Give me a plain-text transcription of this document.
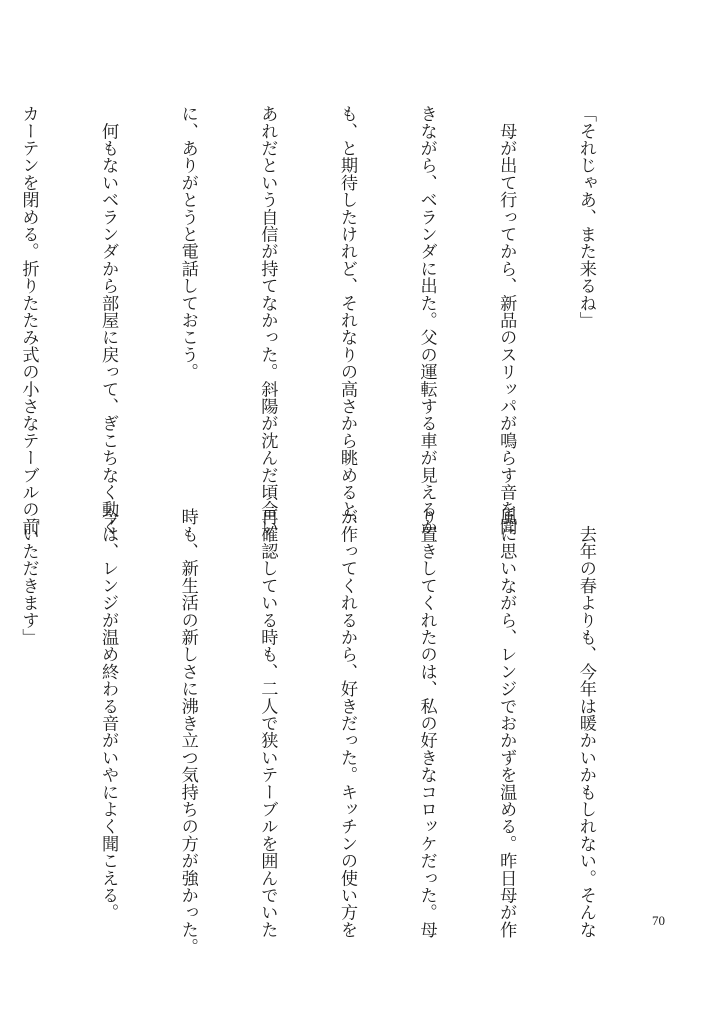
「それじゃあ、また来るね」

　母が出て行ってから、新品のスリッパが鳴らす音を聞

きながら、ベランダに出た。父の運転する車が見えるか

も、と期待したけれど、それなりの高さから眺めると、

あれだという自信が持てなかった。斜陽が沈んだ頃合い

に、ありがとうと電話しておこう。

　何もないベランダから部屋に戻って、ぎこちなく動く

カーテンを閉める。折りたたみ式の小さなテーブルの前

　去年の春よりも、今年は暖かいかもしれない。そんな

風に思いながら、レンジでおかずを温める。昨日母が作

り置きしてくれたのは、私の好きなコロッケだった。母

が作ってくれるから、好きだった。キッチンの使い方を

再確認している時も、二人で狭いテーブルを囲んでいた

時も、新生活の新しさに沸き立つ気持ちの方が強かった。

今は、レンジが温め終わる音がいやによく聞こえる。

「いただきます」

70
